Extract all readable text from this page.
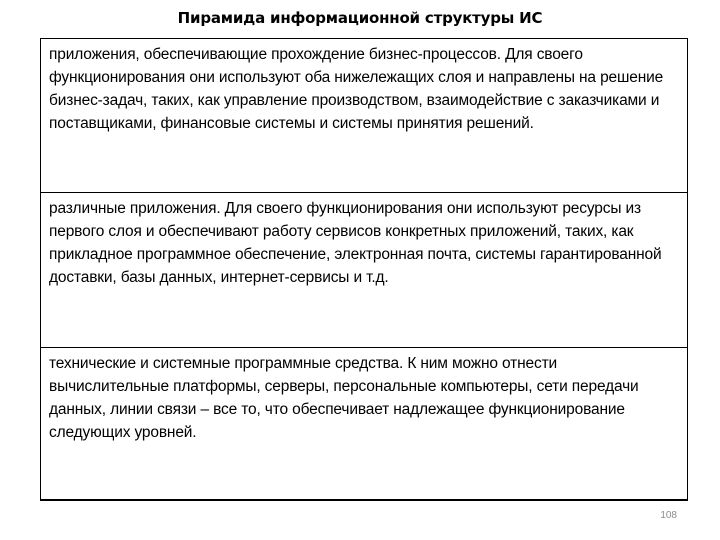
Пирамида информационной структуры ИС
приложения, обеспечивающие прохождение бизнес-процессов. Для своего функционирования они используют оба нижележащих слоя и направлены на решение бизнес-задач, таких, как управление производством, взаимодействие с заказчиками и поставщиками, финансовые системы и системы принятия решений.
различные приложения. Для своего функционирования они используют ресурсы из первого слоя и обеспечивают работу сервисов конкретных приложений, таких, как прикладное программное обеспечение, электронная почта, системы гарантированной доставки, базы данных, интернет-сервисы и т.д.
технические и системные программные средства. К ним можно отнести вычислительные платформы, серверы, персональные компьютеры, сети передачи данных, линии связи – все то, что обеспечивает надлежащее функционирование следующих уровней.
108
